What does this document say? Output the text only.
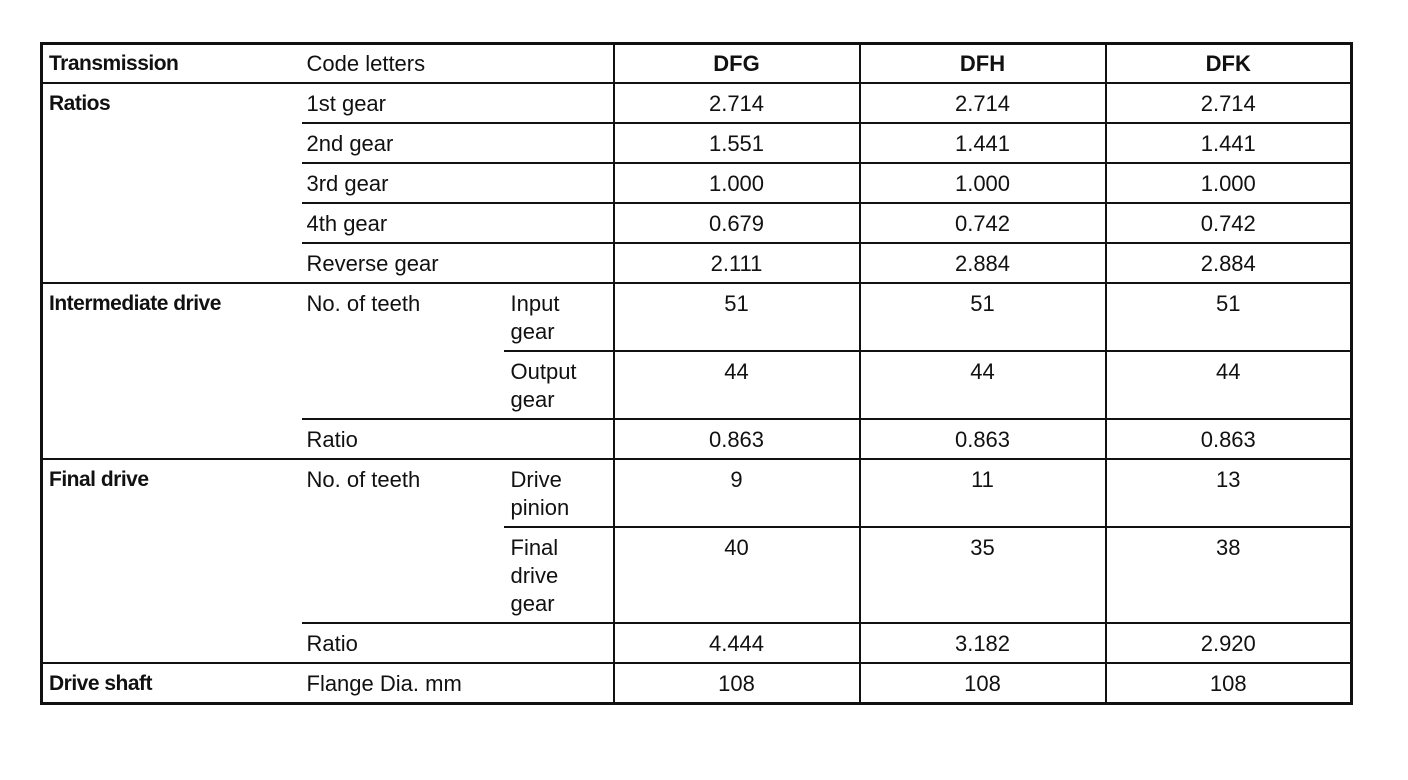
Transmission	Code letters		DFG	DFH	DFK
Ratios	1st gear		2.714	2.714	2.714
	2nd gear		1.551	1.441	1.441
	3rd gear		1.000	1.000	1.000
	4th gear		0.679	0.742	0.742
	Reverse gear		2.111	2.884	2.884
Intermediate drive	No. of teeth	Input gear	51	51	51

		Output gear	44	44	44
	Ratio		0.863	0.863	0.863
Final drive	No. of teeth	Drive pinion	9	11	13

		Final drive gear	40	35	38
	Ratio		4.444	3.182	2.920
Drive shaft	Flange Dia. mm		108	108	108
